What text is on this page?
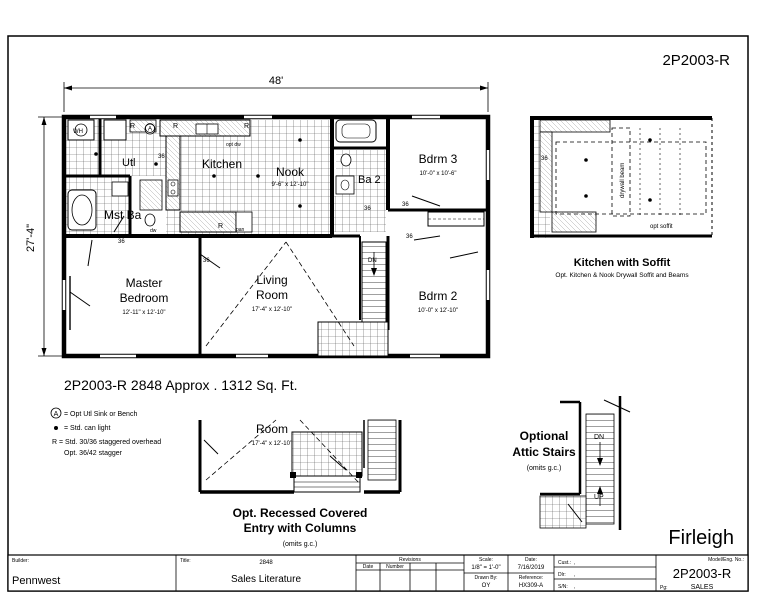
2P2003-R
48'
27'-4"
R	R
R
R A
WH
opt dw
dw	pan
DN
36
36
36
36
36
36
Utl	Kitchen
Nook
9'-6" x 12'-10"	Ba 2
Bdrm 3
10'-0" x 10'-6"
Mst Ba
Master
Bedroom
12'-11" x 12'-10"
Living
Room
17'-4" x 12'-10"
Bdrm 2
10'-0" x 12'-10"
2P2003-R 2848 Approx . 1312 Sq. Ft.
A = Opt Utl Sink or Bench
= Std. can light
R = Std. 30/36 staggered overhead
Opt. 36/42 stagger
drywall beam
opt soffit
36
Kitchen with Soffit
Opt. Kitchen & Nook Drywall Soffit and Beams
Room
17'-4" x 12'-10"
Opt. Recessed Covered
Entry with Columns
(omits g.c.)
DN
UP
Optional
Attic Stairs
(omits g.c.)
Firleigh
Builder:
Pennwest
Title:	2848
Sales Literature
Revisions
Date	Number
Scale:
1/8" = 1'-0"
Drawn By:
OY
Date:
7/16/2019
Reference:
HX309-A
Cust.: ,
Dlr: ,
S/N: ,
Model/Eng. No.:
2P2003-R
Pg:	SALES
